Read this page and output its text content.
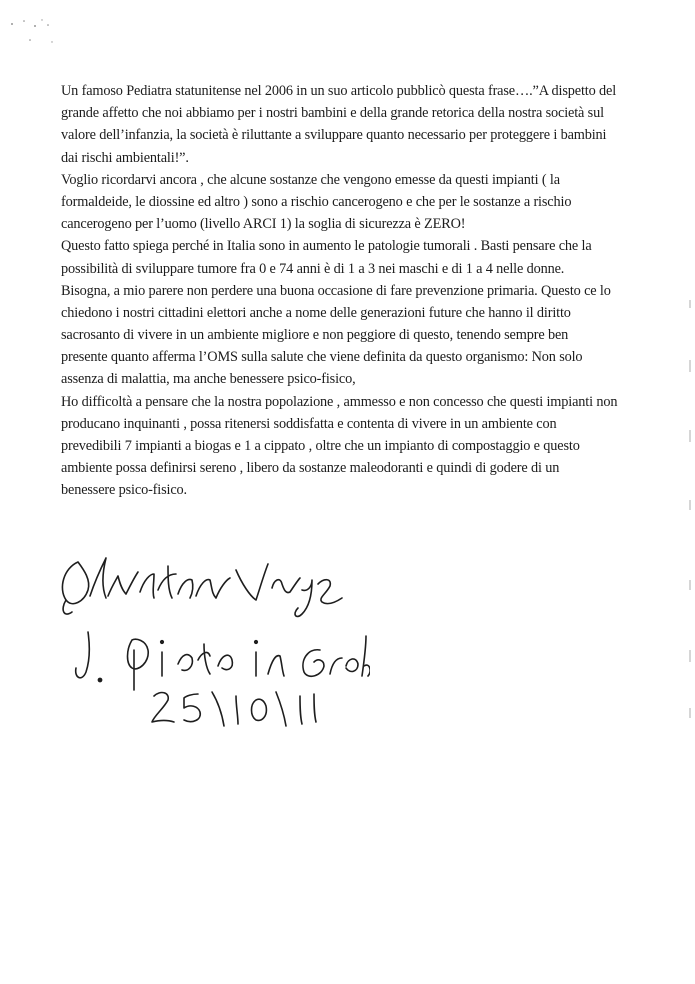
Un famoso Pediatra statunitense nel 2006 in un suo articolo pubblicò questa frase….”A dispetto del
grande affetto che noi abbiamo per i nostri bambini e della grande retorica della nostra società sul
valore dell’infanzia, la società è riluttante a sviluppare quanto necessario per proteggere i bambini
dai rischi ambientali!”.
Voglio ricordarvi ancora , che alcune sostanze che vengono emesse da questi impianti ( la
formaldeide, le diossine ed altro ) sono a rischio cancerogeno e che per le sostanze a rischio
cancerogeno per l’uomo (livello ARCI 1) la soglia di sicurezza è ZERO!
Questo fatto spiega perché in Italia sono in aumento le patologie tumorali . Basti pensare che la
possibilità di sviluppare tumore fra 0 e 74 anni è di 1 a 3 nei maschi e di 1 a 4 nelle donne.
Bisogna, a mio parere non perdere una buona occasione di fare prevenzione primaria. Questo ce lo
chiedono i nostri cittadini elettori anche a nome delle generazioni future che hanno il diritto
sacrosanto di vivere in un ambiente migliore e non peggiore di questo, tenendo sempre ben
presente quanto afferma l’OMS sulla salute che viene definita da questo organismo: Non solo
assenza di malattia, ma anche benessere psico-fisico,
Ho difficoltà a pensare che la nostra popolazione , ammesso e non concesso che questi impianti non
producano inquinanti , possa ritenersi soddisfatta e contenta di vivere in un ambiente con
prevedibili 7 impianti a biogas e 1 a cippato , oltre che un impianto di compostaggio e questo
ambiente possa definirsi sereno , libero da sostanze maleodoranti e quindi di godere di un
benessere psico-fisico.
